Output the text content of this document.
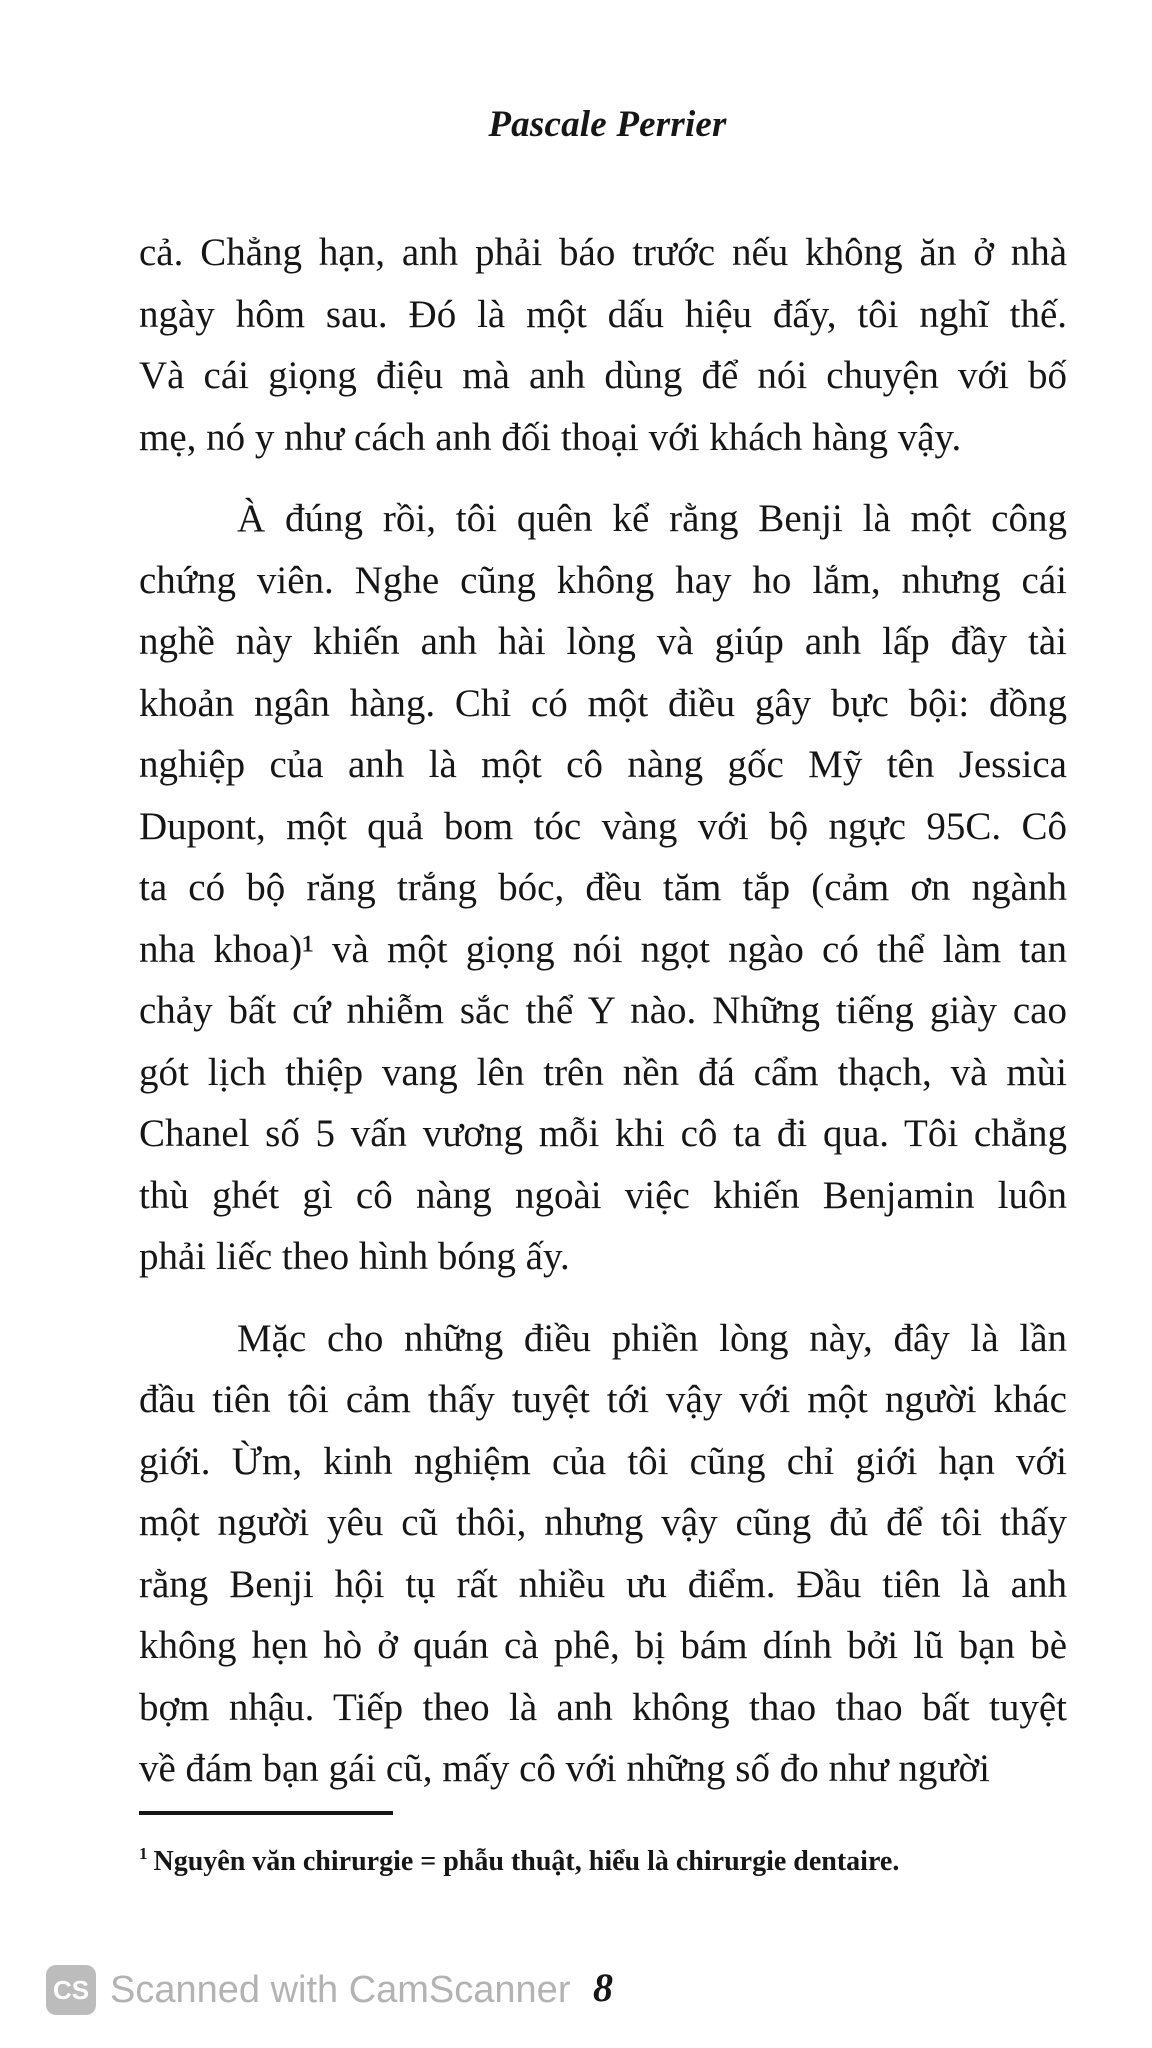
Pascale Perrier
cả. Chẳng hạn, anh phải báo trước nếu không ăn ở nhà
ngày hôm sau. Đó là một dấu hiệu đấy, tôi nghĩ thế.
Và cái giọng điệu mà anh dùng để nói chuyện với bố
mẹ, nó y như cách anh đối thoại với khách hàng vậy.
À đúng rồi, tôi quên kể rằng Benji là một công
chứng viên. Nghe cũng không hay ho lắm, nhưng cái
nghề này khiến anh hài lòng và giúp anh lấp đầy tài
khoản ngân hàng. Chỉ có một điều gây bực bội: đồng
nghiệp của anh là một cô nàng gốc Mỹ tên Jessica
Dupont, một quả bom tóc vàng với bộ ngực 95C. Cô
ta có bộ răng trắng bóc, đều tăm tắp (cảm ơn ngành
nha khoa)¹ và một giọng nói ngọt ngào có thể làm tan
chảy bất cứ nhiễm sắc thể Y nào. Những tiếng giày cao
gót lịch thiệp vang lên trên nền đá cẩm thạch, và mùi
Chanel số 5 vấn vương mỗi khi cô ta đi qua. Tôi chẳng
thù ghét gì cô nàng ngoài việc khiến Benjamin luôn
phải liếc theo hình bóng ấy.
Mặc cho những điều phiền lòng này, đây là lần
đầu tiên tôi cảm thấy tuyệt tới vậy với một người khác
giới. Ừm, kinh nghiệm của tôi cũng chỉ giới hạn với
một người yêu cũ thôi, nhưng vậy cũng đủ để tôi thấy
rằng Benji hội tụ rất nhiều ưu điểm. Đầu tiên là anh
không hẹn hò ở quán cà phê, bị bám dính bởi lũ bạn bè
bợm nhậu. Tiếp theo là anh không thao thao bất tuyệt
về đám bạn gái cũ, mấy cô với những số đo như người
$^1$ Nguyên văn chirurgie = phẫu thuật, hiểu là chirurgie dentaire.
CS Scanned with CamScanner 8
